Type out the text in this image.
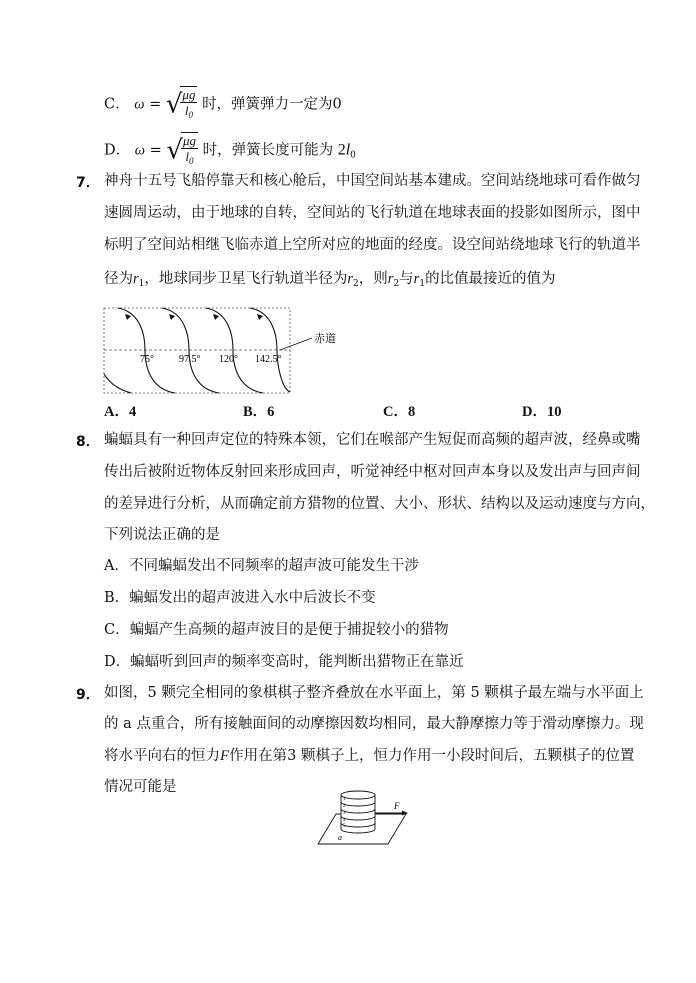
C． ω = √
$\frac{\mu g}{l_0}$ 时，弹簧弹力一定为0
D． ω = √
$\frac{\mu g}{l_0}$ 时，弹簧长度可能为 $2l_0$
7． 神舟十五号飞船停靠天和核心舱后，中国空间站基本建成。空间站绕地球可看作做匀
速圆周运动，由于地球的自转，空间站的飞行轨道在地球表面的投影如图所示，图中
标明了空间站相继飞临赤道上空所对应的地面的经度。设空间站绕地球飞行的轨道半
径为$r_1$，地球同步卫星飞行轨道半径为$r_2$，则$r_2$与$r_1$的比值最接近的值为
赤道
75°	97.5° 120° 142.5°
A．4	B．6	C．8	D．10
8． 蝙蝠具有一种回声定位的特殊本领，它们在喉部产生短促而高频的超声波，经鼻或嘴
传出后被附近物体反射回来形成回声，听觉神经中枢对回声本身以及发出声与回声间
的差异进行分析，从而确定前方猎物的位置、大小、形状、结构以及运动速度与方向，
下列说法正确的是
A．不同蝙蝠发出不同频率的超声波可能发生干涉
B．蝙蝠发出的超声波进入水中后波长不变
C．蝙蝠产生高频的超声波目的是便于捕捉较小的猎物
D．蝙蝠听到回声的频率变高时，能判断出猎物正在靠近
9． 如图，5 颗完全相同的象棋棋子整齐叠放在水平面上，第 5 颗棋子最左端与水平面上
的 a 点重合，所有接触面间的动摩擦因数均相同，最大静摩擦力等于滑动摩擦力。现
将水平向右的恒力F作用在第3 颗棋子上，恒力作用一小段时间后，五颗棋子的位置
情况可能是
1
2
3
4
5
F
a
